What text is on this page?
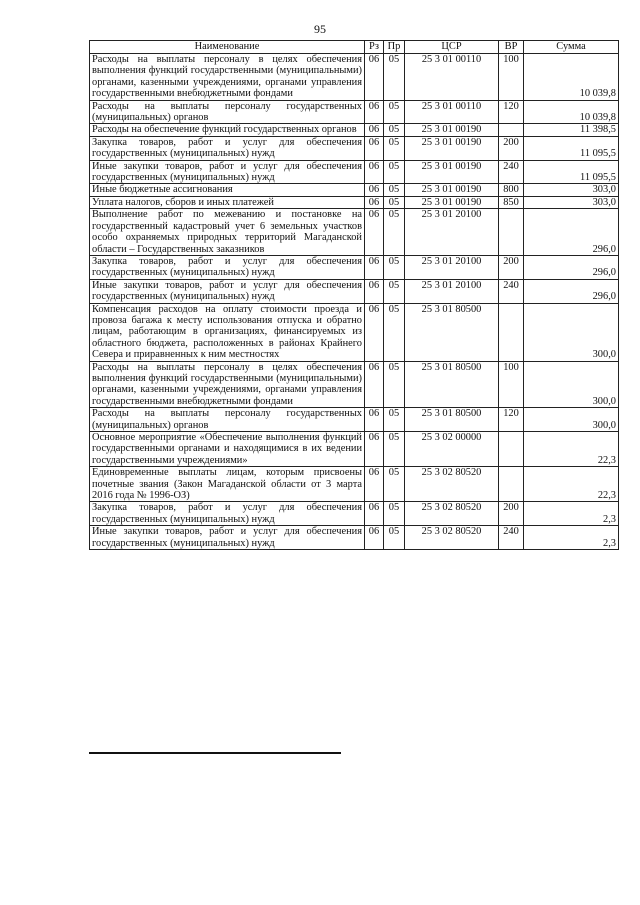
95
Наименование	Рз	Пр	ЦСР	ВР	Сумма
Расходы на выплаты персоналу в целях обеспечения выполнения функций государственными (муниципальными) органами, казенными учреждениями, органами управления государственными внебюджетными фондами	06	05	25 3 01 00110	100	10 039,8
Расходы на выплаты персоналу государственных (муниципальных) органов	06	05	25 3 01 00110	120	10 039,8
Расходы на обеспечение функций государственных органов	06	05	25 3 01 00190		11 398,5
Закупка товаров, работ и услуг для обеспечения государственных (муниципальных) нужд	06	05	25 3 01 00190	200	11 095,5
Иные закупки товаров, работ и услуг для обеспечения государственных (муниципальных) нужд	06	05	25 3 01 00190	240	11 095,5
Иные бюджетные ассигнования	06	05	25 3 01 00190	800	303,0
Уплата налогов, сборов и иных платежей	06	05	25 3 01 00190	850	303,0
Выполнение работ по межеванию и постановке на государственный кадастровый учет 6 земельных участков особо охраняемых природных территорий Магаданской области – Государственных заказников	06	05	25 3 01 20100		296,0
Закупка товаров, работ и услуг для обеспечения государственных (муниципальных) нужд	06	05	25 3 01 20100	200	296,0
Иные закупки товаров, работ и услуг для обеспечения государственных (муниципальных) нужд	06	05	25 3 01 20100	240	296,0
Компенсация расходов на оплату стоимости проезда и провоза багажа к месту использования отпуска и обратно лицам, работающим в организациях, финансируемых из областного бюджета, расположенных в районах Крайнего Севера и приравненных к ним местностях	06	05	25 3 01 80500		300,0
Расходы на выплаты персоналу в целях обеспечения выполнения функций государственными (муниципальными) органами, казенными учреждениями, органами управления государственными внебюджетными фондами	06	05	25 3 01 80500	100	300,0
Расходы на выплаты персоналу государственных (муниципальных) органов	06	05	25 3 01 80500	120	300,0
Основное мероприятие «Обеспечение выполнения функций государственными органами и находящимися в их ведении государственными учреждениями»	06	05	25 3 02 00000		22,3
Единовременные выплаты лицам, которым присвоены почетные звания (Закон Магаданской области от 3 марта 2016 года № 1996-ОЗ)	06	05	25 3 02 80520		22,3
Закупка товаров, работ и услуг для обеспечения государственных (муниципальных) нужд	06	05	25 3 02 80520	200	2,3
Иные закупки товаров, работ и услуг для обеспечения государственных (муниципальных) нужд	06	05	25 3 02 80520	240	2,3
